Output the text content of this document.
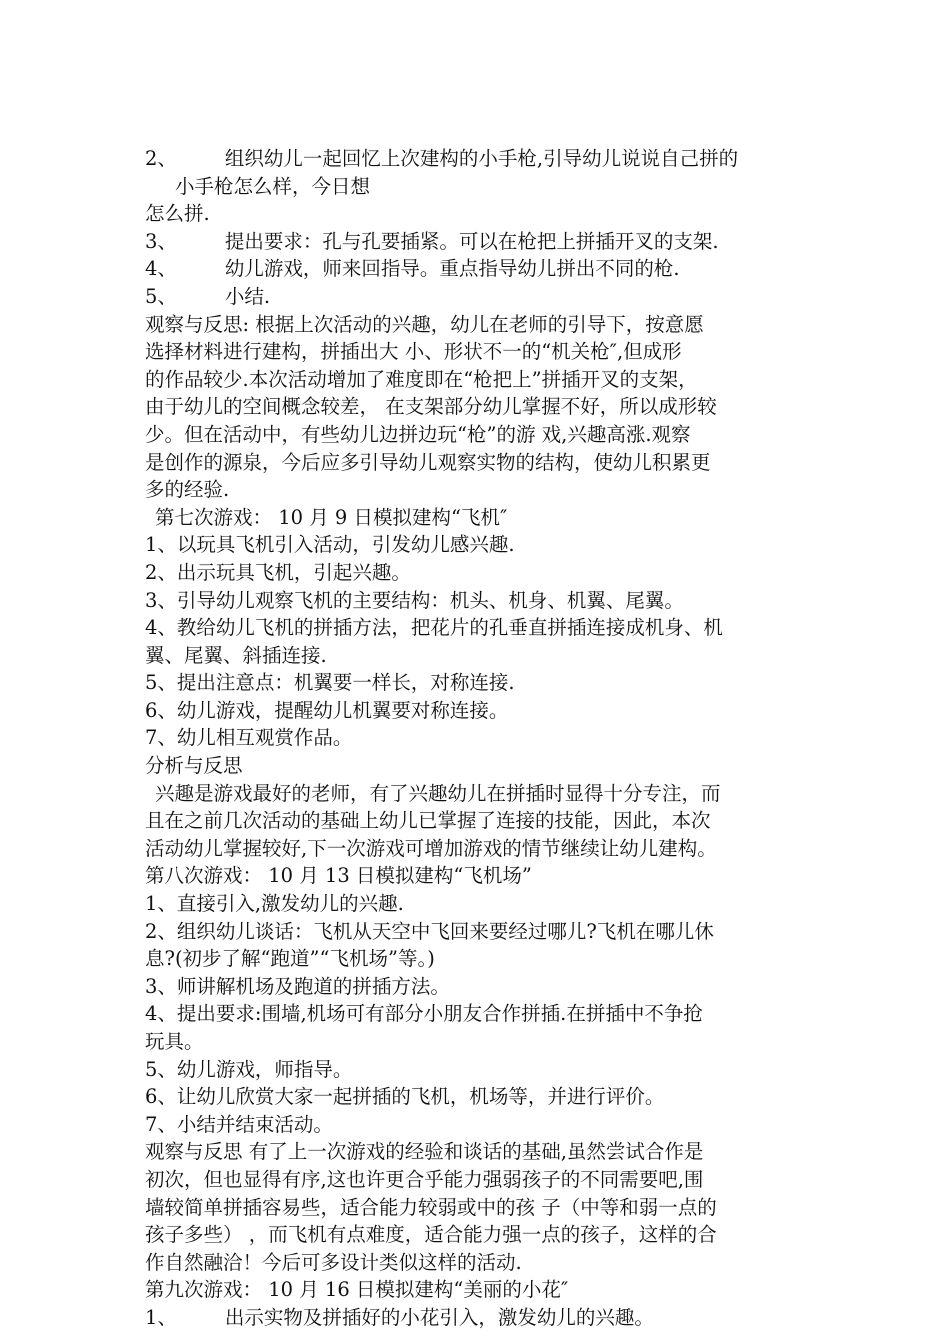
2、 组织幼儿一起回忆上次建构的小手枪,引导幼儿说说自己拼的
小手枪怎么样，今日想
怎么拼.
3、 提出要求：孔与孔要插紧。可以在枪把上拼插开叉的支架.
4、 幼儿游戏，师来回指导。重点指导幼儿拼出不同的枪.
5、 小结.
观察与反思: 根据上次活动的兴趣，幼儿在老师的引导下，按意愿
选择材料进行建构，拼插出大 小、形状不一的“机关枪″,但成形
的作品较少.本次活动增加了难度即在“枪把上”拼插开叉的支架，
由于幼儿的空间概念较差， 在支架部分幼儿掌握不好，所以成形较
少。但在活动中，有些幼儿边拼边玩“枪”的游 戏,兴趣高涨.观察
是创作的源泉，今后应多引导幼儿观察实物的结构，使幼儿积累更
多的经验.
第七次游戏： 10 月 9 日模拟建构“飞机″
1、以玩具飞机引入活动，引发幼儿感兴趣.
2、出示玩具飞机，引起兴趣。
3、引导幼儿观察飞机的主要结构：机头、机身、机翼、尾翼。
4、教给幼儿飞机的拼插方法，把花片的孔垂直拼插连接成机身、机
翼、尾翼、斜插连接.
5、提出注意点：机翼要一样长，对称连接.
6、幼儿游戏，提醒幼儿机翼要对称连接。
7、幼儿相互观赏作品。
分析与反思
兴趣是游戏最好的老师，有了兴趣幼儿在拼插时显得十分专注，而
且在之前几次活动的基础上幼儿已掌握了连接的技能，因此，本次
活动幼儿掌握较好,下一次游戏可增加游戏的情节继续让幼儿建构。
第八次游戏： 10 月 13 日模拟建构“飞机场”
1、直接引入,激发幼儿的兴趣.
2、组织幼儿谈话：飞机从天空中飞回来要经过哪儿?飞机在哪儿休
息?(初步了解“跑道”“飞机场”等。)
3、师讲解机场及跑道的拼插方法。
4、提出要求:围墙,机场可有部分小朋友合作拼插.在拼插中不争抢
玩具。
5、幼儿游戏，师指导。
6、让幼儿欣赏大家一起拼插的飞机，机场等，并进行评价。
7、小结并结束活动。
观察与反思 有了上一次游戏的经验和谈话的基础,虽然尝试合作是
初次，但也显得有序,这也许更合乎能力强弱孩子的不同需要吧,围
墙较简单拼插容易些，适合能力较弱或中的孩 子（中等和弱一点的
孩子多些） ，而飞机有点难度，适合能力强一点的孩子，这样的合
作自然融洽！今后可多设计类似这样的活动.
第九次游戏： 10 月 16 日模拟建构“美丽的小花″
1、 出示实物及拼插好的小花引入，激发幼儿的兴趣。
